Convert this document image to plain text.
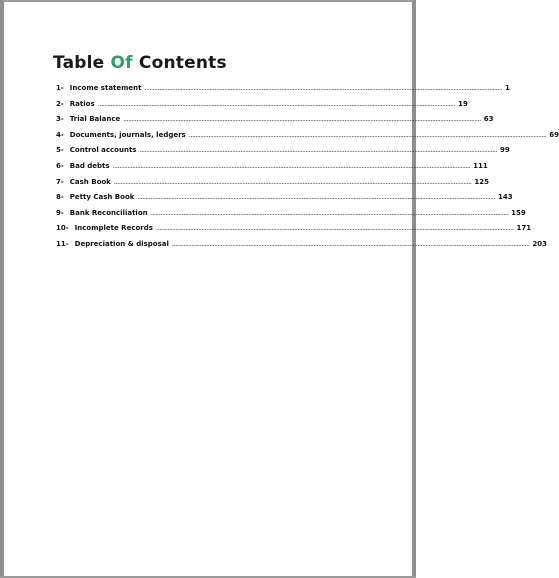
Table Of Contents
1- Income statement ............................................................................................................................................................................................................................ 1
2- Ratios ............................................................................................................................................................................................................................ 19
3- Trial Balance ............................................................................................................................................................................................................................ 63
4- Documents, journals, ledgers ............................................................................................................................................................................................................................ 69
5- Control accounts ............................................................................................................................................................................................................................ 99
6- Bad debts ............................................................................................................................................................................................................................ 111
7- Cash Book ............................................................................................................................................................................................................................ 125
8- Petty Cash Book ............................................................................................................................................................................................................................ 143
9- Bank Reconciliation ............................................................................................................................................................................................................................ 159
10- Incomplete Records ............................................................................................................................................................................................................................ 171
11- Depreciation & disposal ............................................................................................................................................................................................................................ 203
